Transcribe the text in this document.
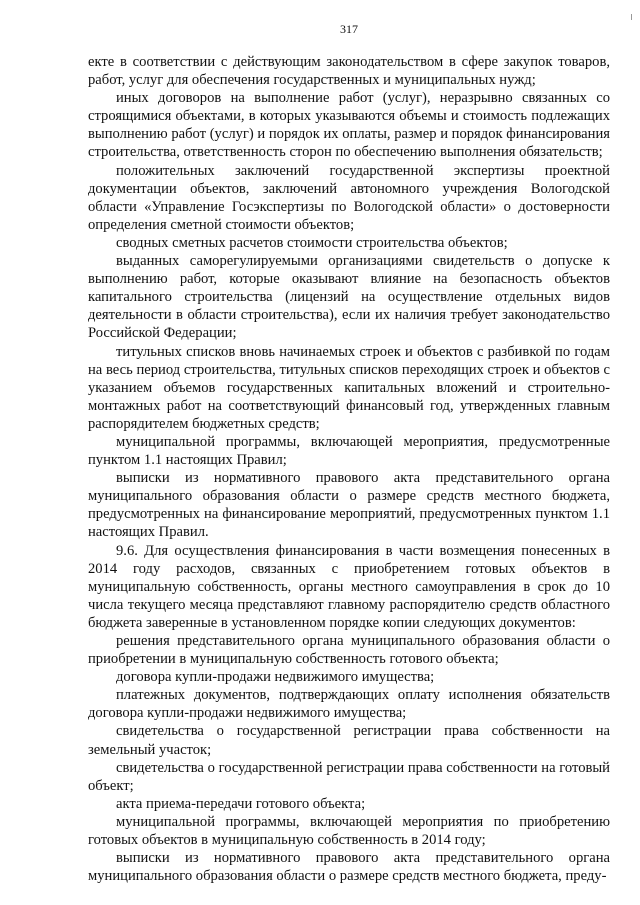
317

екте в соответствии с действующим законодательством в сфере закупок товаров, работ, услуг для обеспечения государственных и муниципальных нужд;

иных договоров на выполнение работ (услуг), неразрывно связанных со строящимися объектами, в которых указываются объемы и стоимость подлежащих выполнению работ (услуг) и порядок их оплаты, размер и порядок финансирования строительства, ответственность сторон по обеспечению выполнения обязательств;

положительных заключений государственной экспертизы проектной документации объектов, заключений автономного учреждения Вологодской области «Управление Госэкспертизы по Вологодской области» о достоверности определения сметной стоимости объектов;

сводных сметных расчетов стоимости строительства объектов;

выданных саморегулируемыми организациями свидетельств о допуске к выполнению работ, которые оказывают влияние на безопасность объектов капитального строительства (лицензий на осуществление отдельных видов деятельности в области строительства), если их наличия требует законодательство Российской Федерации;

титульных списков вновь начинаемых строек и объектов с разбивкой по годам на весь период строительства, титульных списков переходящих строек и объектов с указанием объемов государственных капитальных вложений и строительно-монтажных работ на соответствующий финансовый год, утвержденных главным распорядителем бюджетных средств;

муниципальной программы, включающей мероприятия, предусмотренные пунктом 1.1 настоящих Правил;

выписки из нормативного правового акта представительного органа муниципального образования области о размере средств местного бюджета, предусмотренных на финансирование мероприятий, предусмотренных пунктом 1.1 настоящих Правил.

9.6. Для осуществления финансирования в части возмещения понесенных в 2014 году расходов, связанных с приобретением готовых объектов в муниципальную собственность, органы местного самоуправления в срок до 10 числа текущего месяца представляют главному распорядителю средств областного бюджета заверенные в установленном порядке копии следующих документов:

решения представительного органа муниципального образования области о приобретении в муниципальную собственность готового объекта;

договора купли-продажи недвижимого имущества;

платежных документов, подтверждающих оплату исполнения обязательств договора купли-продажи недвижимого имущества;

свидетельства о государственной регистрации права собственности на земельный участок;

свидетельства о государственной регистрации права собственности на готовый объект;

акта приема-передачи готового объекта;

муниципальной программы, включающей мероприятия по приобретению готовых объектов в муниципальную собственность в 2014 году;

выписки из нормативного правового акта представительного органа муниципального образования области о размере средств местного бюджета, преду-
